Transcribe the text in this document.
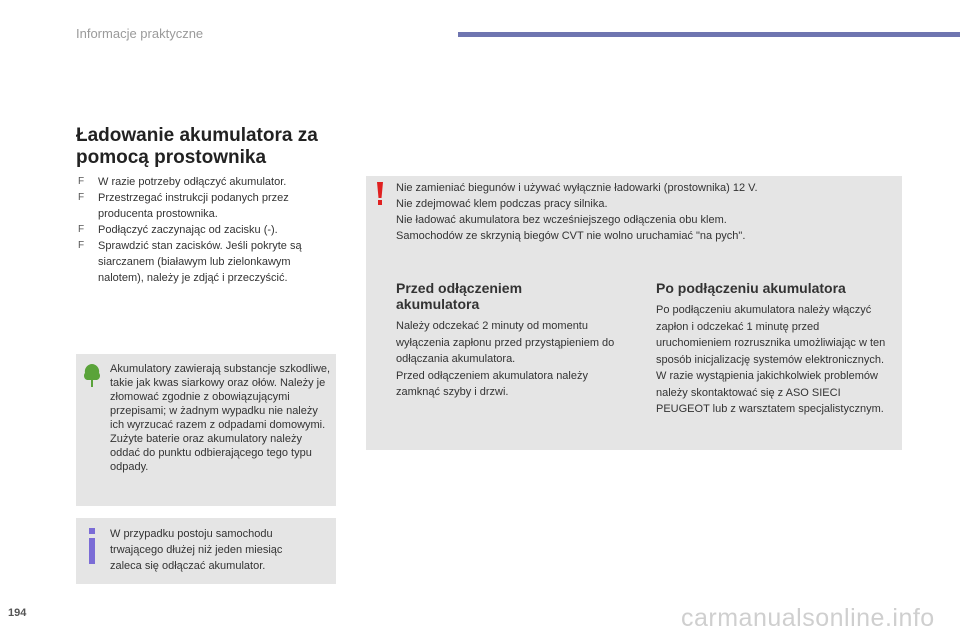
Informacje praktyczne
Ładowanie akumulatora za pomocą prostownika
F W razie potrzeby odłączyć akumulator.
F Przestrzegać instrukcji podanych przez producenta prostownika.
F Podłączyć zaczynając od zacisku (-).
F Sprawdzić stan zacisków. Jeśli pokryte są siarczanem (białawym lub zielonkawym nalotem), należy je zdjąć i przeczyścić.
Akumulatory zawierają substancje szkodliwe, takie jak kwas siarkowy oraz ołów. Należy je złomować zgodnie z obowiązującymi przepisami; w żadnym wypadku nie należy ich wyrzucać razem z odpadami domowymi.
Zużyte baterie oraz akumulatory należy oddać do punktu odbierającego tego typu odpady.
W przypadku postoju samochodu trwającego dłużej niż jeden miesiąc zaleca się odłączać akumulator.
Nie zamieniać biegunów i używać wyłącznie ładowarki (prostownika) 12 V.
Nie zdejmować klem podczas pracy silnika.
Nie ładować akumulatora bez wcześniejszego odłączenia obu klem.
Samochodów ze skrzynią biegów CVT nie wolno uruchamiać "na pych".
Przed odłączeniem akumulatora
Należy odczekać 2 minuty od momentu wyłączenia zapłonu przed przystąpieniem do odłączania akumulatora.
Przed odłączeniem akumulatora należy zamknąć szyby i drzwi.
Po podłączeniu akumulatora
Po podłączeniu akumulatora należy włączyć zapłon i odczekać 1 minutę przed uruchomieniem rozrusznika umożliwiając w ten sposób inicjalizację systemów elektronicznych. W razie wystąpienia jakichkolwiek problemów należy skontaktować się z ASO SIECI PEUGEOT lub z warsztatem specjalistycznym.
194	carmanualsonline.info
